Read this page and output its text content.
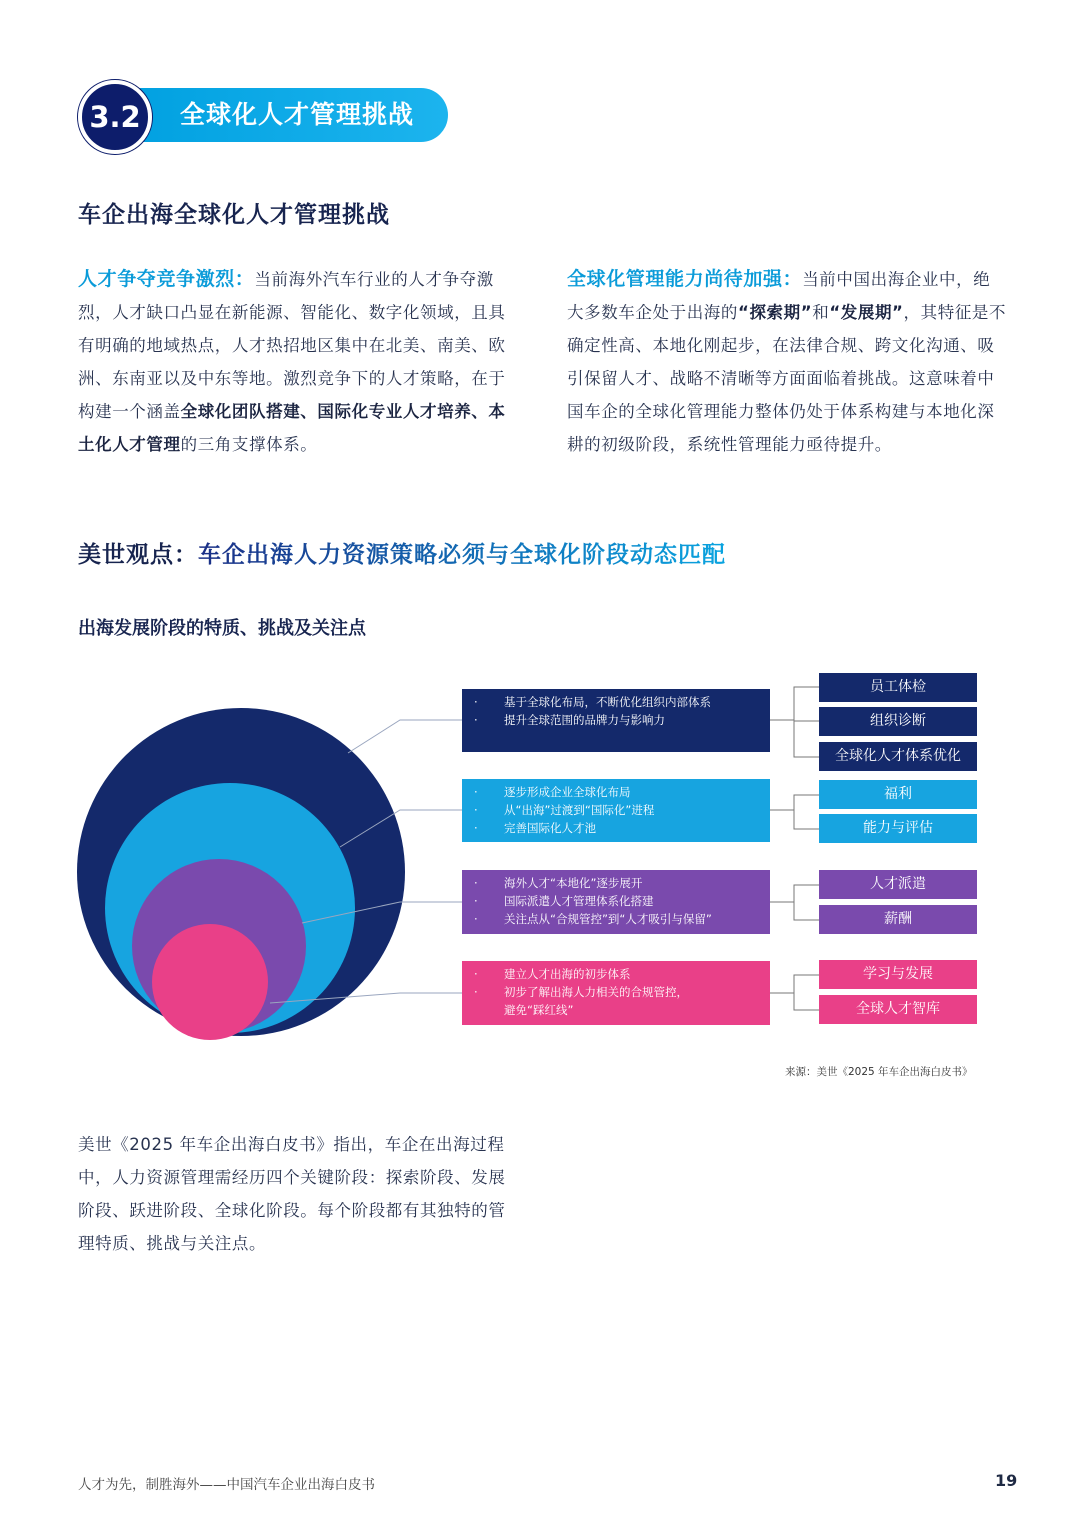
全球化人才管理挑战
3.2
车企出海全球化人才管理挑战
人才争夺竞争激烈：当前海外汽车行业的人才争夺激烈，人才缺口凸显在新能源、智能化、数字化领域，且具有明确的地域热点，人才热招地区集中在北美、南美、欧洲、东南亚以及中东等地。激烈竞争下的人才策略，在于构建一个涵盖全球化团队搭建、国际化专业人才培养、本土化人才管理的三角支撑体系。
全球化管理能力尚待加强：当前中国出海企业中，绝大多数车企处于出海的“探索期”和“发展期”，其特征是不确定性高、本地化刚起步，在法律合规、跨文化沟通、吸引保留人才、战略不清晰等方面面临着挑战。这意味着中国车企的全球化管理能力整体仍处于体系构建与本地化深耕的初级阶段，系统性管理能力亟待提升。
美世观点：车企出海人力资源策略必须与全球化阶段动态匹配
出海发展阶段的特质、挑战及关注点
· 基于全球化布局，不断优化组织内部体系
· 提升全球范围的品牌力与影响力
· 逐步形成企业全球化布局
· 从“出海”过渡到“国际化”进程
· 完善国际化人才池
· 海外人才“本地化”逐步展开
· 国际派遣人才管理体系化搭建
· 关注点从“合规管控”到“人才吸引与保留”
· 建立人才出海的初步体系
· 初步了解出海人力相关的合规管控，
避免“踩红线”
员工体检
组织诊断
全球化人才体系优化
福利
能力与评估
人才派遣
薪酬
学习与发展
全球人才智库
来源：美世《2025 年车企出海白皮书》
美世《2025 年车企出海白皮书》指出，车企在出海过程中，人力资源管理需经历四个关键阶段：探索阶段、发展阶段、跃进阶段、全球化阶段。每个阶段都有其独特的管理特质、挑战与关注点。
人才为先，制胜海外——中国汽车企业出海白皮书	19
